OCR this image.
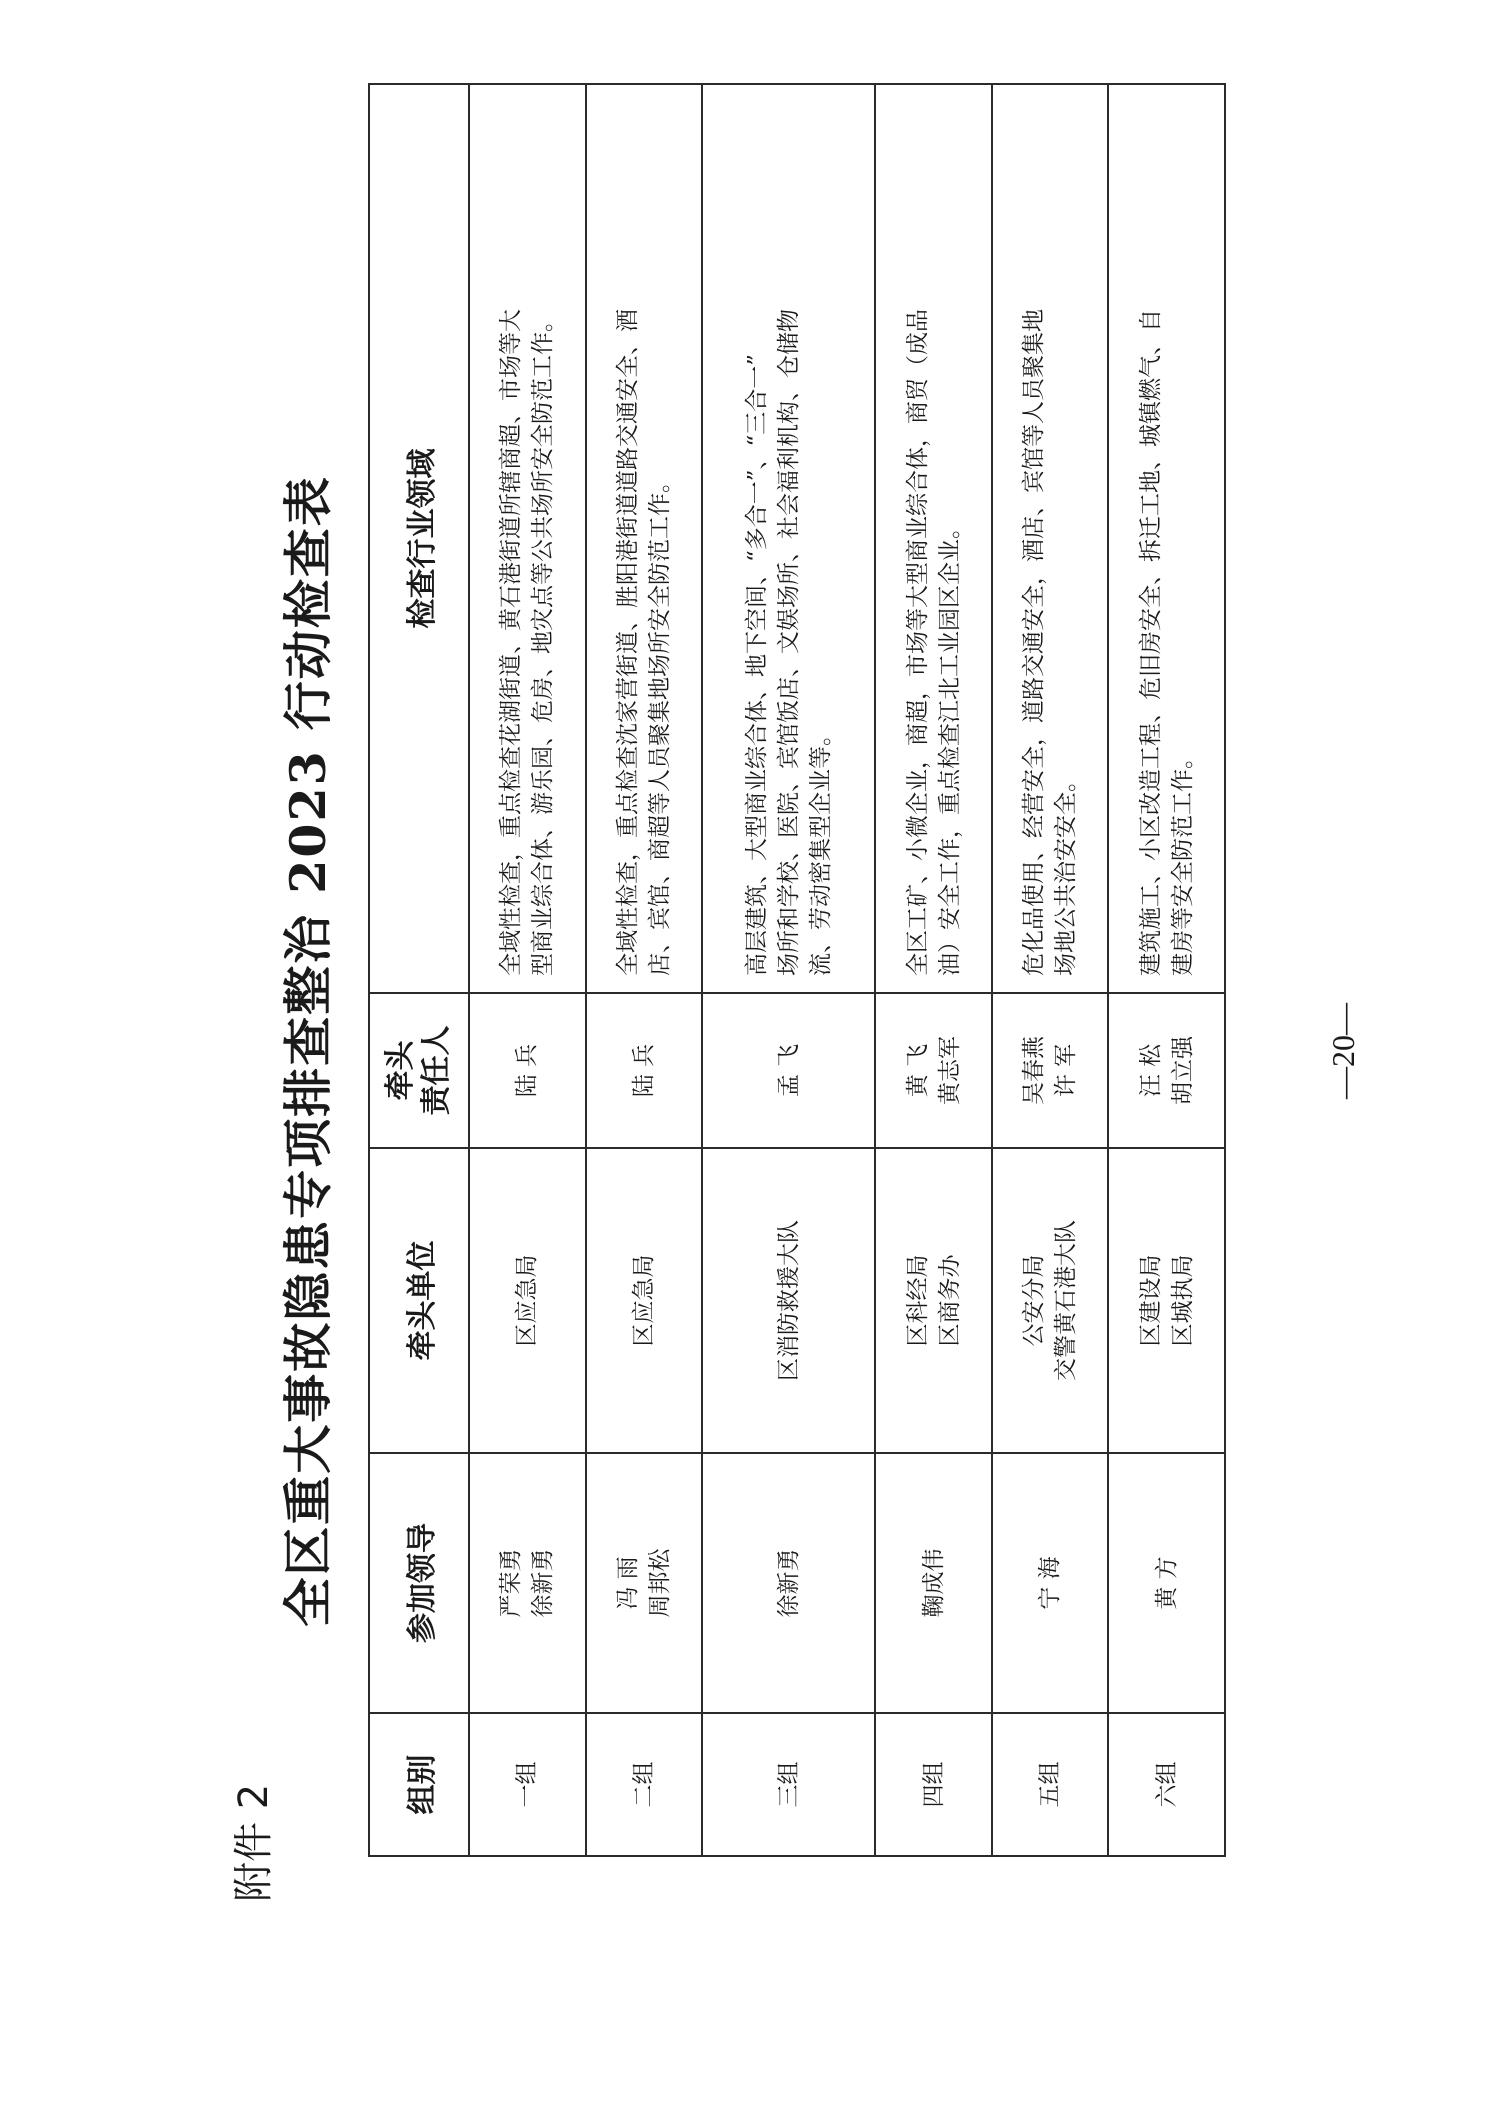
附件 2
全区重大事故隐患专项排查整治 2023 行动检查表
组别	参加领导	牵头单位	牵头 责任人	检查行业领域
一组	严荣勇 徐新勇	区应急局	陆 兵	全域性检查，重点检查花湖街道、黄石港街道所辖商超、市场等大 型商业综合体、游乐园、危房、地灾点等公共场所安全防范工作。

二组	冯 雨 周邦松	区应急局	陆 兵	全域性检查，重点检查沈家营街道、胜阳港街道道路交通安全、酒 店、宾馆、商超等人员聚集地场所安全防范工作。

三组	徐新勇	区消防救援大队	孟 飞	高层建筑、大型商业综合体、地下空间、“多合一”、“三合一” 场所和学校、医院、宾馆饭店、文娱场所、社会福利机构、仓储物 流、劳动密集型企业等。

四组	鞠成伟	区科经局 区商务办	黄 飞 黄志军	全区工矿、小微企业，商超，市场等大型商业综合体，商贸（成品 油）安全工作，重点检查江北工业园区企业。

五组	宁 海	公安分局 交警黄石港大队	吴春燕 许 军	危化品使用、经营安全，道路交通安全，酒店、宾馆等人员聚集地 场地公共治安安全。

六组	黄 方	区建设局 区城执局	汪 松 胡立强	建筑施工、小区改造工程、危旧房安全、拆迁工地、城镇燃气、自 建房等安全防范工作。
—20—
